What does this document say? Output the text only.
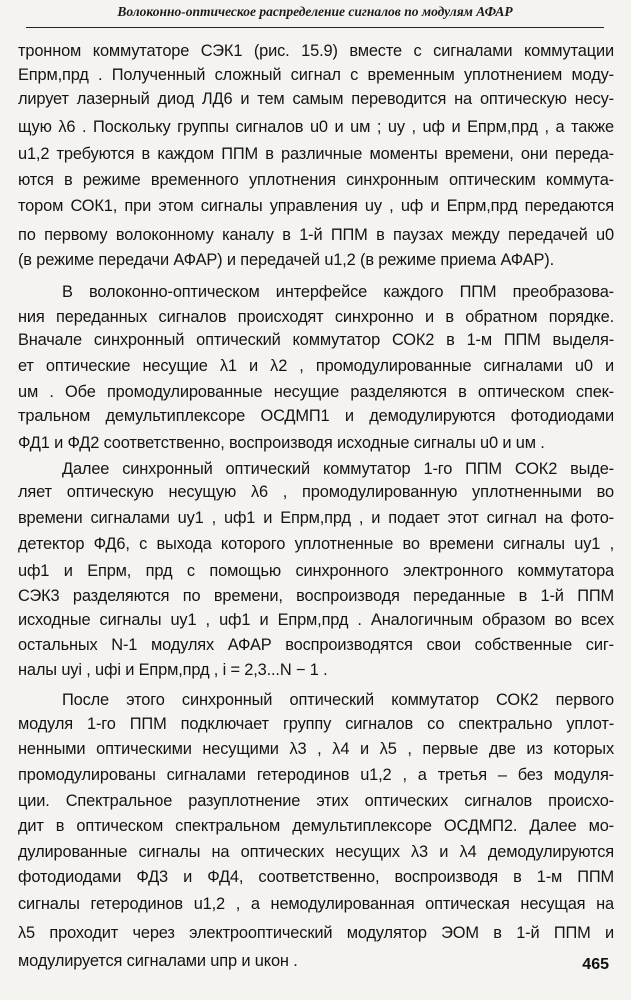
Волоконно-оптическое распределение сигналов по модулям АФАР
тронном коммутаторе СЭК1 (рис. 15.9) вместе с сигналами коммутации
Eпрм,прд . Полученный сложный сигнал с временным уплотнением моду-
лирует лазерный диод ЛД6 и тем самым переводится на оптическую несу-
щую λ6 . Поскольку группы сигналов u0 и uм ; uу , uф и Eпрм,прд , а также
u1,2 требуются в каждом ППМ в различные моменты времени, они переда-
ются в режиме временного уплотнения синхронным оптическим коммута-
тором СОК1, при этом сигналы управления uу , uф и Eпрм,прд передаются
по первому волоконному каналу в 1-й ППМ в паузах между передачей u0
(в режиме передачи АФАР) и передачей u1,2 (в режиме приема АФАР).
В волоконно-оптическом интерфейсе каждого ППМ преобразова-
ния переданных сигналов происходят синхронно и в обратном порядке.
Вначале синхронный оптический коммутатор СОК2 в 1-м ППМ выделя-
ет оптические несущие λ1 и λ2 , промодулированные сигналами u0 и
uм . Обе промодулированные несущие разделяются в оптическом спек-
тральном демультиплексоре ОСДМП1 и демодулируются фотодиодами
ФД1 и ФД2 соответственно, воспроизводя исходные сигналы u0 и uм .
Далее синхронный оптический коммутатор 1-го ППМ СОК2 выде-
ляет оптическую несущую λ6 , промодулированную уплотненными во
времени сигналами uу1 , uф1 и Eпрм,прд , и подает этот сигнал на фото-
детектор ФД6, с выхода которого уплотненные во времени сигналы uу1 ,
uф1 и Eпрм, прд с помощью синхронного электронного коммутатора
СЭК3 разделяются по времени, воспроизводя переданные в 1-й ППМ
исходные сигналы uу1 , uф1 и Eпрм,прд . Аналогичным образом во всех
остальных N-1 модулях АФАР воспроизводятся свои собственные сиг-
налы uуi , uфi и Eпрм,прд , i = 2,3...N − 1 .
После этого синхронный оптический коммутатор СОК2 первого
модуля 1-го ППМ подключает группу сигналов со спектрально уплот-
ненными оптическими несущими λ3 , λ4 и λ5 , первые две из которых
промодулированы сигналами гетеродинов u1,2 , а третья – без модуля-
ции. Спектральное разуплотнение этих оптических сигналов происхо-
дит в оптическом спектральном демультиплексоре ОСДМП2. Далее мо-
дулированные сигналы на оптических несущих λ3 и λ4 демодулируются
фотодиодами ФД3 и ФД4, соответственно, воспроизводя в 1-м ППМ
сигналы гетеродинов u1,2 , а немодулированная оптическая несущая на
λ5 проходит через электрооптический модулятор ЭОМ в 1-й ППМ и
модулируется сигналами uпр и uкон .	465
